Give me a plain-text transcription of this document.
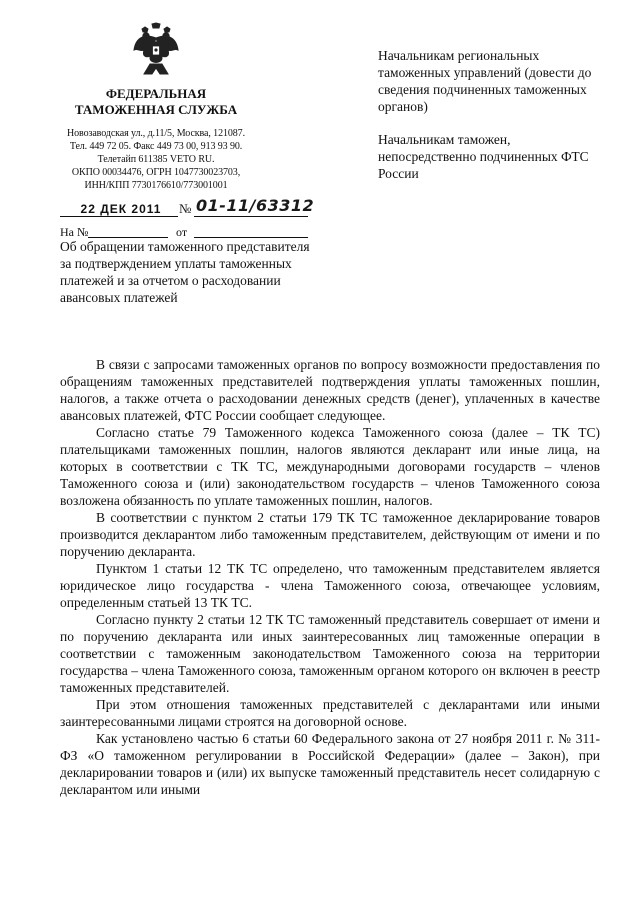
ФЕДЕРАЛЬНАЯ
ТАМОЖЕННАЯ СЛУЖБА
Новозаводская ул., д.11/5, Москва, 121087.
Тел. 449 72 05. Факс 449 73 00, 913 93 90.
Телетайп 611385 VETO RU.
ОКПО 00034476, ОГРН 1047730023703,
ИНН/КПП 7730176610/773001001
22 ДЕК 2011	№ 01-11/63312
На №	от
Об обращении таможенного представителя за подтверждением уплаты таможенных платежей и за отчетом о расходовании авансовых платежей
Начальникам региональных таможенных управлений (довести до сведения подчиненных таможенных органов)
Начальникам таможен, непосредственно подчиненных ФТС России

В связи с запросами таможенных органов по вопросу возможности предоставления по обращениям таможенных представителей подтверждения уплаты таможенных пошлин, налогов, а также отчета о расходовании денежных средств (денег), уплаченных в качестве авансовых платежей, ФТС России сообщает следующее.

Согласно статье 79 Таможенного кодекса Таможенного союза (далее – ТК ТС) плательщиками таможенных пошлин, налогов являются декларант или иные лица, на которых в соответствии с ТК ТС, международными договорами государств – членов Таможенного союза и (или) законодательством государств – членов Таможенного союза возложена обязанность по уплате таможенных пошлин, налогов.

В соответствии с пунктом 2 статьи 179 ТК ТС таможенное декларирование товаров производится декларантом либо таможенным представителем, действующим от имени и по поручению декларанта.

Пунктом 1 статьи 12 ТК ТС определено, что таможенным представителем является юридическое лицо государства - члена Таможенного союза, отвечающее условиям, определенным статьей 13 ТК ТС.

Согласно пункту 2 статьи 12 ТК ТС таможенный представитель совершает от имени и по поручению декларанта или иных заинтересованных лиц таможенные операции в соответствии с таможенным законодательством Таможенного союза на территории государства – члена Таможенного союза, таможенным органом которого он включен в реестр таможенных представителей.

При этом отношения таможенных представителей с декларантами или иными заинтересованными лицами строятся на договорной основе.

Как установлено частью 6 статьи 60 Федерального закона от 27 ноября 2011 г. № 311-ФЗ «О таможенном регулировании в Российской Федерации» (далее – Закон), при декларировании товаров и (или) их выпуске таможенный представитель несет солидарную с декларантом или иными
